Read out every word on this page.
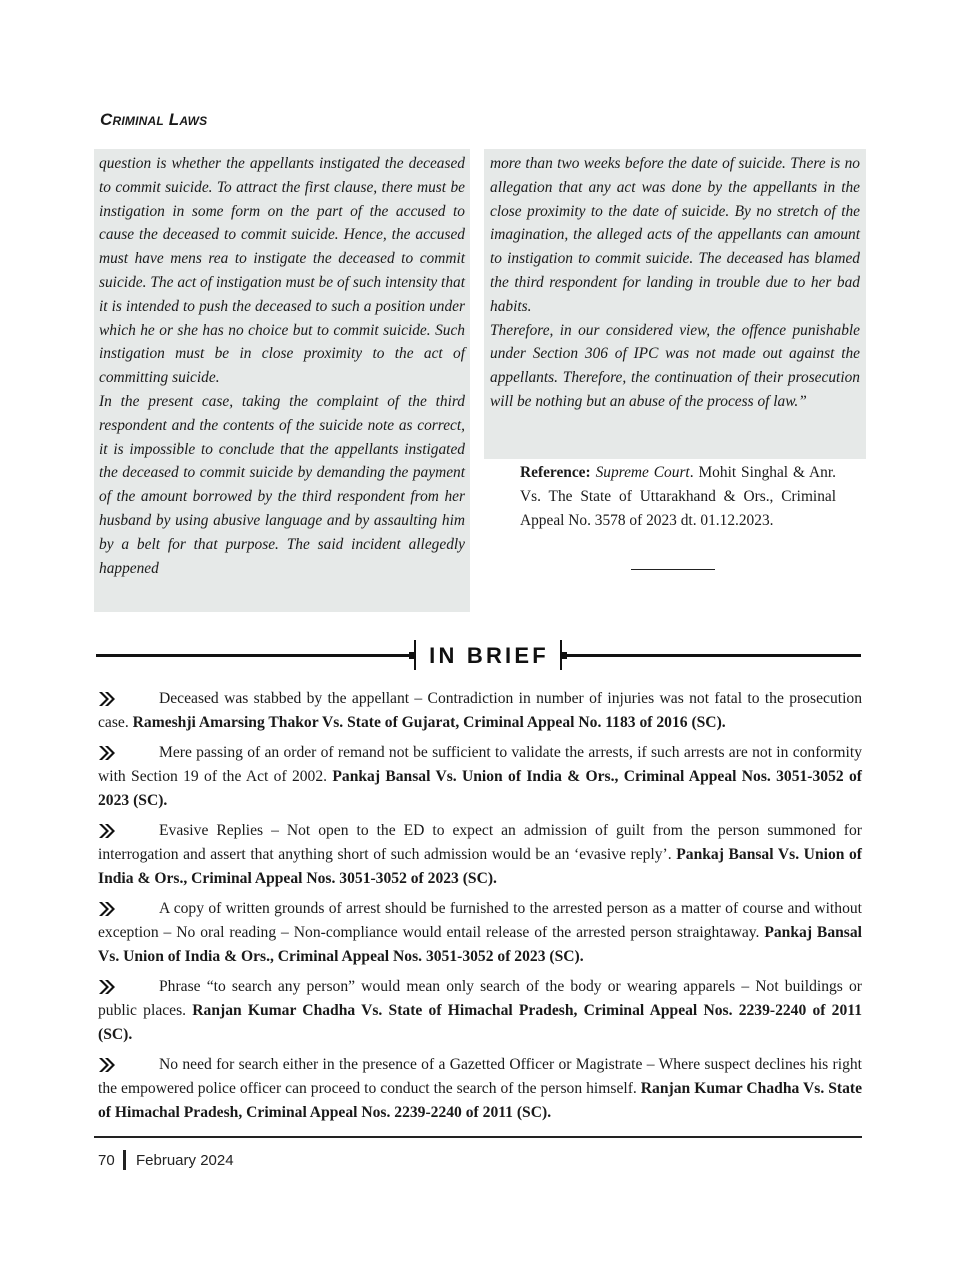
Criminal Laws

question is whether the appellants instigated the deceased to commit suicide. To attract the first clause, there must be instigation in some form on the part of the accused to cause the deceased to commit suicide. Hence, the accused must have mens rea to instigate the deceased to commit suicide. The act of instigation must be of such intensity that it is intended to push the deceased to such a position under which he or she has no choice but to commit suicide. Such instigation must be in close proximity to the act of committing suicide.

In the present case, taking the complaint of the third respondent and the contents of the suicide note as correct, it is impossible to conclude that the appellants instigated the deceased to commit suicide by demanding the payment of the amount borrowed by the third respondent from her husband by using abusive language and by assaulting him by a belt for that purpose. The said incident allegedly happened

more than two weeks before the date of suicide. There is no allegation that any act was done by the appellants in the close proximity to the date of suicide. By no stretch of the imagination, the alleged acts of the appellants can amount to instigation to commit suicide. The deceased has blamed the third respondent for landing in trouble due to her bad habits.

Therefore, in our considered view, the offence punishable under Section 306 of IPC was not made out against the appellants. Therefore, the continuation of their prosecution will be nothing but an abuse of the process of law.”

Reference: Supreme Court. Mohit Singhal & Anr. Vs. The State of Uttarakhand & Ors., Criminal Appeal No. 3578 of 2023 dt. 01.12.2023.
IN BRIEF
Deceased was stabbed by the appellant – Contradiction in number of injuries was not fatal to the prosecution case. Rameshji Amarsing Thakor Vs. State of Gujarat, Criminal Appeal No. 1183 of 2016 (SC).
Mere passing of an order of remand not be sufficient to validate the arrests, if such arrests are not in conformity with Section 19 of the Act of 2002. Pankaj Bansal Vs. Union of India & Ors., Criminal Appeal Nos. 3051-3052 of 2023 (SC).
Evasive Replies – Not open to the ED to expect an admission of guilt from the person summoned for interrogation and assert that anything short of such admission would be an ‘evasive reply’. Pankaj Bansal Vs. Union of India & Ors., Criminal Appeal Nos. 3051-3052 of 2023 (SC).
A copy of written grounds of arrest should be furnished to the arrested person as a matter of course and without exception – No oral reading – Non-compliance would entail release of the arrested person straightaway. Pankaj Bansal Vs. Union of India & Ors., Criminal Appeal Nos. 3051-3052 of 2023 (SC).
Phrase “to search any person” would mean only search of the body or wearing apparels – Not buildings or public places. Ranjan Kumar Chadha Vs. State of Himachal Pradesh, Criminal Appeal Nos. 2239-2240 of 2011 (SC).
No need for search either in the presence of a Gazetted Officer or Magistrate – Where suspect declines his right the empowered police officer can proceed to conduct the search of the person himself. Ranjan Kumar Chadha Vs. State of Himachal Pradesh, Criminal Appeal Nos. 2239-2240 of 2011 (SC).
70 February 2024
